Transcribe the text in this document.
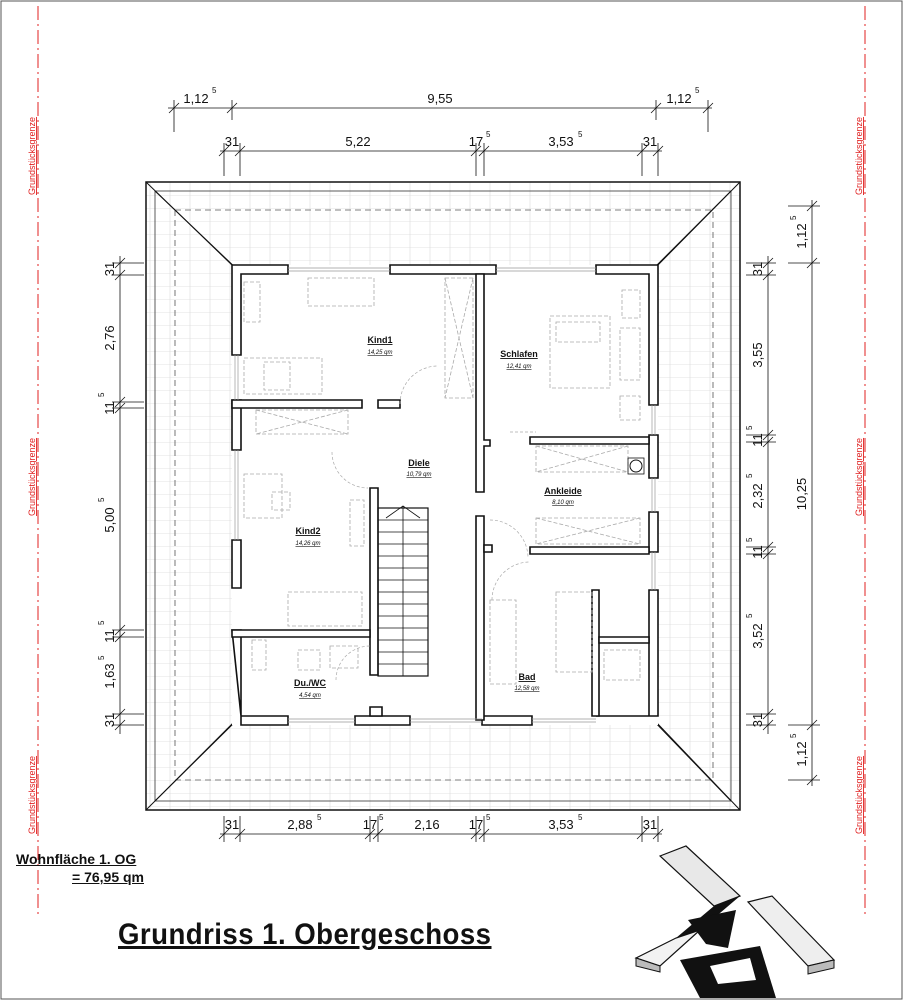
Kind1
14,25 qm	Schlafen
12,41 qm
Diele
10,79 qm
Ankleide
8,10 qm
Kind2
14,26 qm
Du./WC
4,54 qm
Bad
12,58 qm
1,12
5
9,55	1,12
5
31	5,22	17 5	3,53 5	31
31	2,88 5	17 5 2,16 17 5	3,53 5	31
31
2,76
11
5
5,00
5
11
5
1,63
5
31
31
3,55
11
5
2,32
5
11
5
3,52
5
31
1,12
5
10,25
1,12
5
Grundstücksgrenze
Grundstücksgrenze
Grundstücksgrenze
Grundstücksgrenze
Grundstücksgrenze
Grundstücksgrenze
Wohnfläche 1. OG
= 76,95 qm
Grundriss 1. Obergeschoss
